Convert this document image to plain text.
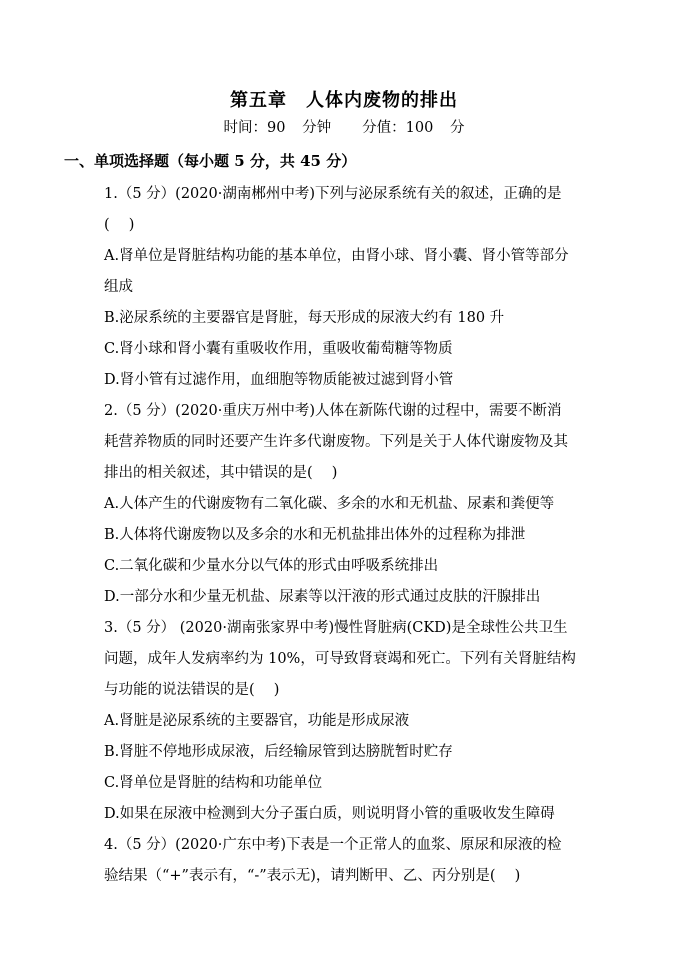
第五章　人体内废物的排出
时间：90 分钟　 分值：100 分
一、单项选择题（每小题 5 分，共 45 分）
1.（5 分）(2020·湖南郴州中考)下列与泌尿系统有关的叙述，正确的是
(　 )
A.肾单位是肾脏结构功能的基本单位，由肾小球、肾小囊、肾小管等部分
组成
B.泌尿系统的主要器官是肾脏，每天形成的尿液大约有 180 升
C.肾小球和肾小囊有重吸收作用，重吸收葡萄糖等物质
D.肾小管有过滤作用，血细胞等物质能被过滤到肾小管
2.（5 分）(2020·重庆万州中考)人体在新陈代谢的过程中，需要不断消
耗营养物质的同时还要产生许多代谢废物。下列是关于人体代谢废物及其
排出的相关叙述，其中错误的是(　 )
A.人体产生的代谢废物有二氧化碳、多余的水和无机盐、尿素和粪便等
B.人体将代谢废物以及多余的水和无机盐排出体外的过程称为排泄
C.二氧化碳和少量水分以气体的形式由呼吸系统排出
D.一部分水和少量无机盐、尿素等以汗液的形式通过皮肤的汗腺排出
3.（5 分） (2020·湖南张家界中考)慢性肾脏病(CKD)是全球性公共卫生
问题，成年人发病率约为 10%，可导致肾衰竭和死亡。下列有关肾脏结构
与功能的说法错误的是(　 )
A.肾脏是泌尿系统的主要器官，功能是形成尿液
B.肾脏不停地形成尿液，后经输尿管到达膀胱暂时贮存
C.肾单位是肾脏的结构和功能单位
D.如果在尿液中检测到大分子蛋白质，则说明肾小管的重吸收发生障碍
4.（5 分）(2020·广东中考)下表是一个正常人的血浆、原尿和尿液的检
验结果（“+”表示有，“-”表示无)，请判断甲、乙、丙分别是(　 )
